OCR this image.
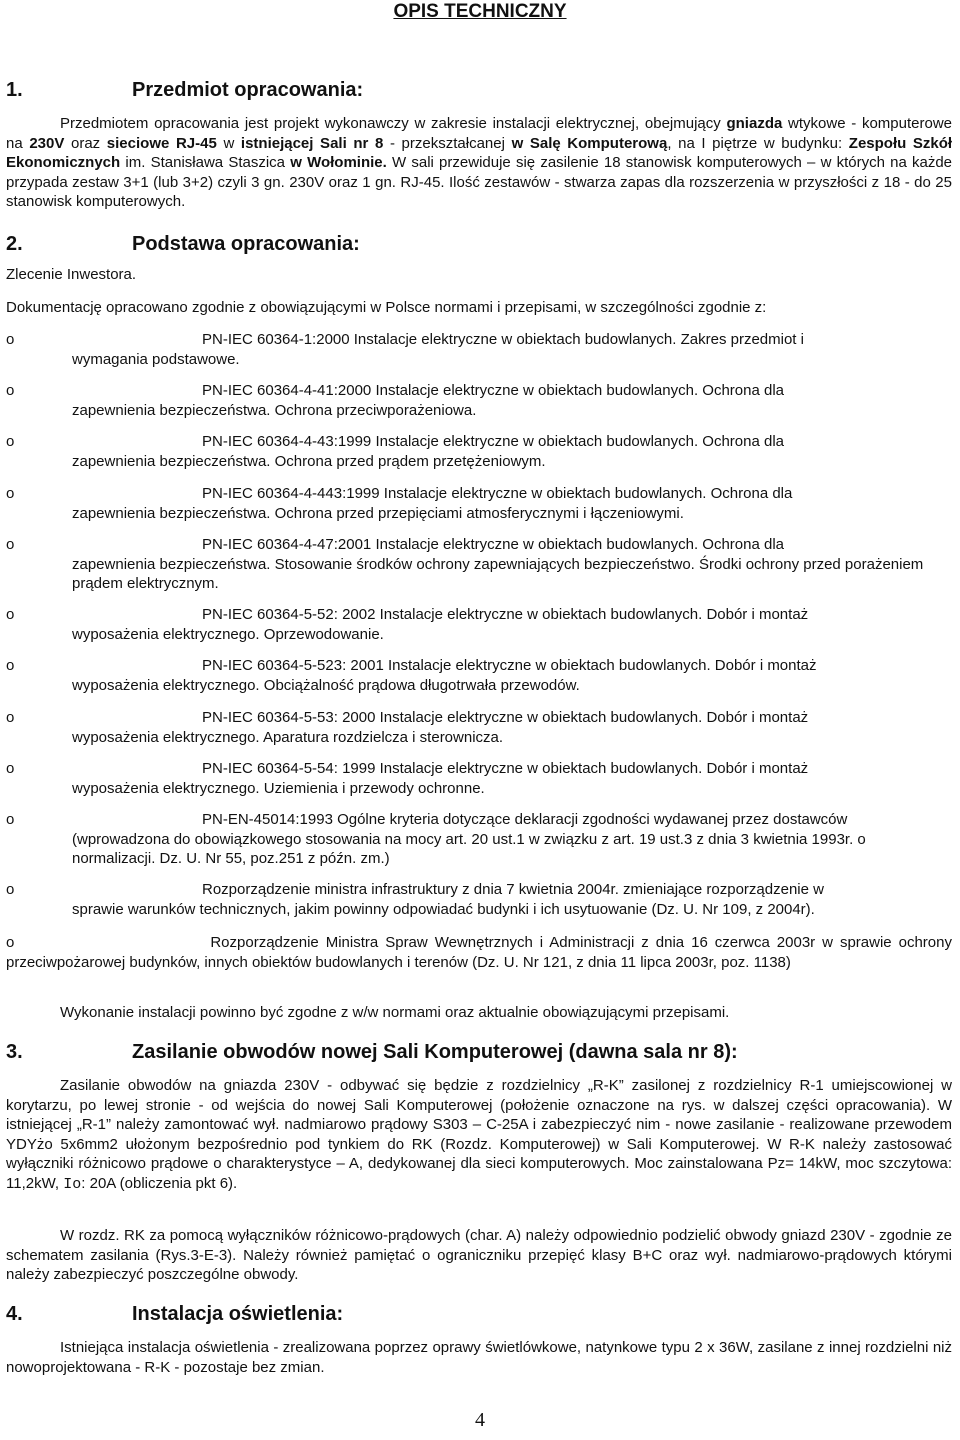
OPIS TECHNICZNY
1.	Przedmiot opracowania:
Przedmiotem opracowania jest projekt wykonawczy w zakresie instalacji elektrycznej, obejmujący gniazda wtykowe - komputerowe na 230V oraz sieciowe RJ-45 w istniejącej Sali nr 8 - przekształcanej w Salę Komputerową, na I piętrze w budynku: Zespołu Szkół Ekonomicznych im. Stanisława Staszica w Wołominie. W sali przewiduje się zasilenie 18 stanowisk komputerowych – w których na każde przypada zestaw 3+1 (lub 3+2) czyli 3 gn. 230V oraz 1 gn. RJ-45. Ilość zestawów - stwarza zapas dla rozszerzenia w przyszłości z 18 - do 25 stanowisk komputerowych.
2.	Podstawa opracowania:
Zlecenie Inwestora.
Dokumentację opracowano zgodnie z obowiązującymi w Polsce normami i przepisami, w szczególności zgodnie z:
o	PN-IEC 60364-1:2000 Instalacje elektryczne w obiektach budowlanych. Zakres przedmiot i
wymagania podstawowe.
o	PN-IEC 60364-4-41:2000 Instalacje elektryczne w obiektach budowlanych. Ochrona dla
zapewnienia bezpieczeństwa. Ochrona przeciwporażeniowa.
o	PN-IEC 60364-4-43:1999 Instalacje elektryczne w obiektach budowlanych. Ochrona dla
zapewnienia bezpieczeństwa. Ochrona przed prądem przetężeniowym.
o	PN-IEC 60364-4-443:1999 Instalacje elektryczne w obiektach budowlanych. Ochrona dla
zapewnienia bezpieczeństwa. Ochrona przed przepięciami atmosferycznymi i łączeniowymi.
o	PN-IEC 60364-4-47:2001 Instalacje elektryczne w obiektach budowlanych. Ochrona dla
zapewnienia bezpieczeństwa. Stosowanie środków ochrony zapewniających bezpieczeństwo. Środki ochrony przed porażeniem prądem elektrycznym.
o	PN-IEC 60364-5-52: 2002 Instalacje elektryczne w obiektach budowlanych. Dobór i montaż
wyposażenia elektrycznego. Oprzewodowanie.
o	PN-IEC 60364-5-523: 2001 Instalacje elektryczne w obiektach budowlanych. Dobór i montaż
wyposażenia elektrycznego. Obciążalność prądowa długotrwała przewodów.
o	PN-IEC 60364-5-53: 2000 Instalacje elektryczne w obiektach budowlanych. Dobór i montaż
wyposażenia elektrycznego. Aparatura rozdzielcza i sterownicza.
o	PN-IEC 60364-5-54: 1999 Instalacje elektryczne w obiektach budowlanych. Dobór i montaż
wyposażenia elektrycznego. Uziemienia i przewody ochronne.
o	PN-EN-45014:1993 Ogólne kryteria dotyczące deklaracji zgodności wydawanej przez dostawców
(wprowadzona do obowiązkowego stosowania na mocy art. 20 ust.1 w związku z art. 19 ust.3 z dnia 3 kwietnia 1993r. o normalizacji. Dz. U. Nr 55, poz.251 z późn. zm.)
o	Rozporządzenie ministra infrastruktury z dnia 7 kwietnia 2004r. zmieniające rozporządzenie w
sprawie warunków technicznych, jakim powinny odpowiadać budynki i ich usytuowanie (Dz. U. Nr 109, z 2004r).
o	Rozporządzenie Ministra Spraw Wewnętrznych i Administracji z dnia 16 czerwca 2003r w sprawie ochrony przeciwpożarowej budynków, innych obiektów budowlanych i terenów (Dz. U. Nr 121, z dnia 11 lipca 2003r, poz. 1138)
Wykonanie instalacji powinno być zgodne z w/w normami oraz aktualnie obowiązującymi przepisami.
3.	Zasilanie obwodów nowej Sali Komputerowej (dawna sala nr 8):
Zasilanie obwodów na gniazda 230V - odbywać się będzie z rozdzielnicy „R-K” zasilonej z rozdzielnicy R-1 umiejscowionej w korytarzu, po lewej stronie - od wejścia do nowej Sali Komputerowej (położenie oznaczone na rys. w dalszej części opracowania). W istniejącej „R-1” należy zamontować wył. nadmiarowo prądowy S303 – C-25A i zabezpieczyć nim - nowe zasilanie - realizowane przewodem YDYżo 5x6mm2 ułożonym bezpośrednio pod tynkiem do RK (Rozdz. Komputerowej) w Sali Komputerowej. W R-K należy zastosować wyłączniki różnicowo prądowe o charakterystyce – A, dedykowanej dla sieci komputerowych. Moc zainstalowana Pz= 14kW, moc szczytowa: 11,2kW, Io: 20A (obliczenia pkt 6).
W rozdz. RK za pomocą wyłączników różnicowo-prądowych (char. A) należy odpowiednio podzielić obwody gniazd 230V - zgodnie ze schematem zasilania (Rys.3-E-3). Należy również pamiętać o ograniczniku przepięć klasy B+C oraz wył. nadmiarowo-prądowych którymi należy zabezpieczyć poszczególne obwody.
4.	Instalacja oświetlenia:
Istniejąca instalacja oświetlenia - zrealizowana poprzez oprawy świetlówkowe, natynkowe typu 2 x 36W, zasilane z innej rozdzielni niż nowoprojektowana - R-K - pozostaje bez zmian.
4
